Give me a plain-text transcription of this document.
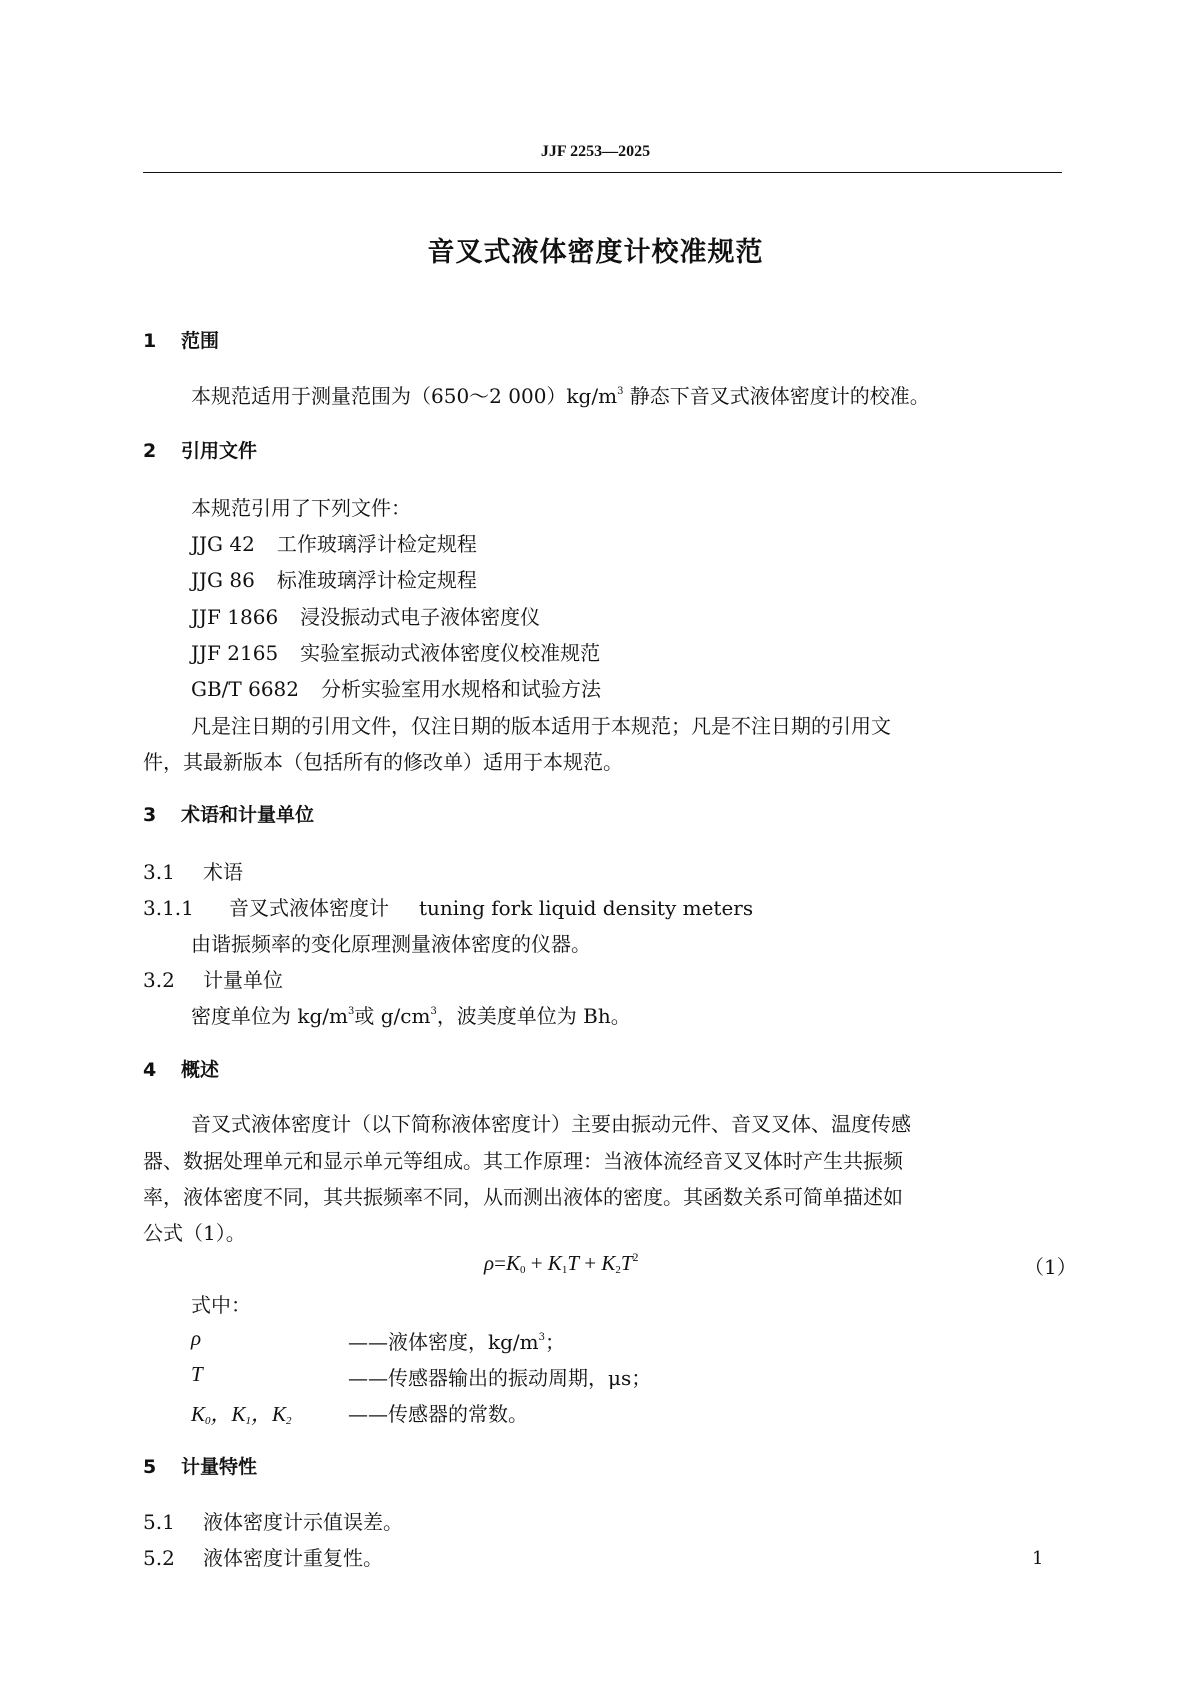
JJF 2253—2025
音叉式液体密度计校准规范
1 范围
本规范适用于测量范围为（650～2 $000)kg/m^3$ 静态下音叉式液体密度计的校准。
2 引用文件
本规范引用了下列文件：
JJG 42 工作玻璃浮计检定规程
JJG 86 标准玻璃浮计检定规程
JJF 1866 浸没振动式电子液体密度仪
JJF 2165 实验室振动式液体密度仪校准规范
GB/T 6682 分析实验室用水规格和试验方法
凡是注日期的引用文件，仅注日期的版本适用于本规范；凡是不注日期的引用文
件，其最新版本（包括所有的修改单）适用于本规范。
3 术语和计量单位
3.1 术语
3.1.1 音叉式液体密度计 tuning fork liquid density meters
由谐振频率的变化原理测量液体密度的仪器。
3.2 计量单位
密度单位为 $kg/m^3$或 $g/cm^3$，波美度单位为 Bh。
4 概述
音叉式液体密度计（以下简称液体密度计）主要由振动元件、音叉叉体、温度传感
器、数据处理单元和显示单元等组成。其工作原理：当液体流经音叉叉体时产生共振频
率，液体密度不同，其共振频率不同，从而测出液体的密度。其函数关系可简单描述如
公式（1）。
$\rho=K_0 + K_1T + K_2T^2$	（1）
式中：
ρ	——液体密度，$kg/m^3$；
T	——传感器输出的振动周期，μs；
$K_0$，$K_1$，$K_2$	——传感器的常数。
5 计量特性
5.1 液体密度计示值误差。
5.2 液体密度计重复性。	1
